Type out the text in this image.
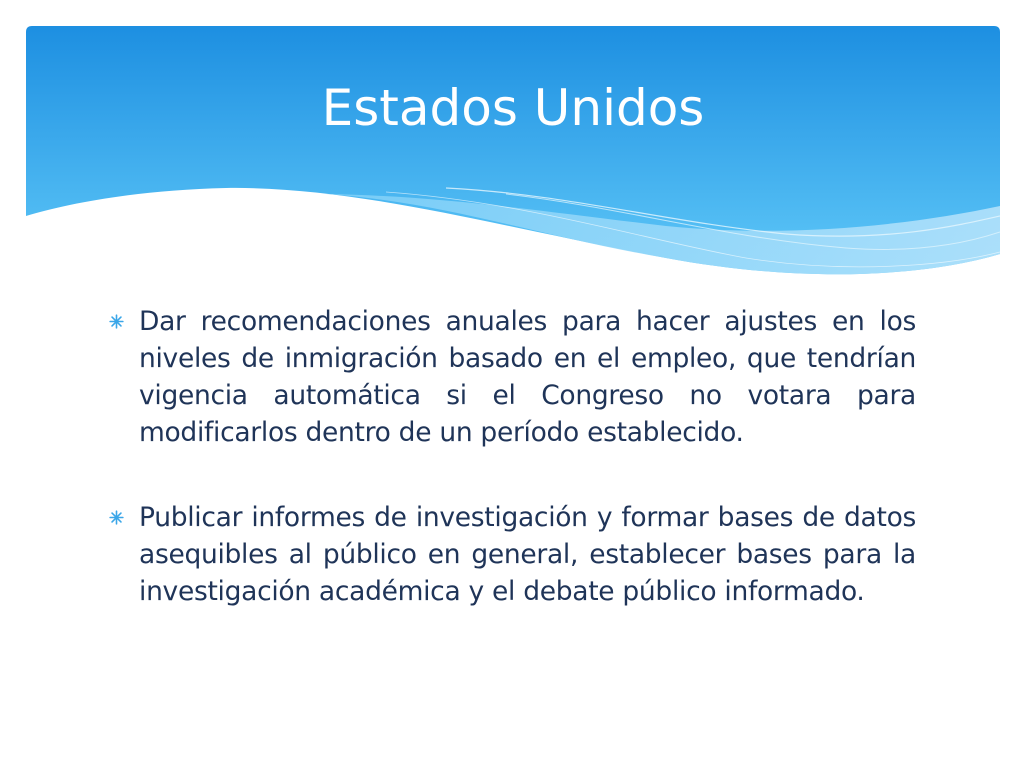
Estados Unidos
Dar recomendaciones anuales para hacer ajustes en los niveles de inmigración basado en el empleo, que tendrían vigencia automática si el Congreso no votara para modificarlos dentro de un período establecido.
Publicar informes de investigación y formar bases de datos asequibles al público en general, establecer bases para la investigación académica y el debate público informado.
